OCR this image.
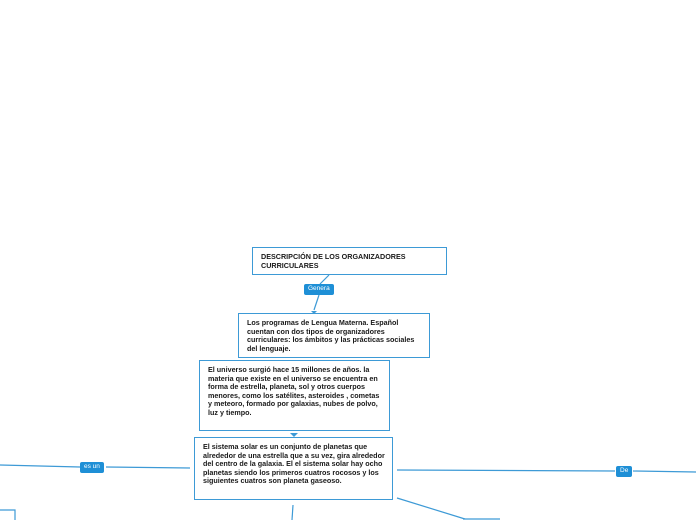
DESCRIPCIÓN DE LOS ORGANIZADORES CURRICULARES
Genera
Los programas de Lengua Materna. Español cuentan con dos tipos de organizadores curriculares: los ámbitos y las prácticas sociales del lenguaje.
El universo surgió hace 15 millones de años. la materia que existe en el universo se encuentra en forma de estrella, planeta, sol y otros cuerpos menores, como los satélites, asteroides , cometas y meteoro, formado por galaxias, nubes de polvo, luz y tiempo.
El sistema solar es un conjunto de planetas que alrededor de una estrella que a su vez, gira alrededor del centro de la galaxia. El el sistema solar hay ocho planetas siendo los primeros cuatros rocosos y los siguientes cuatros son planeta gaseoso.
es un
De
